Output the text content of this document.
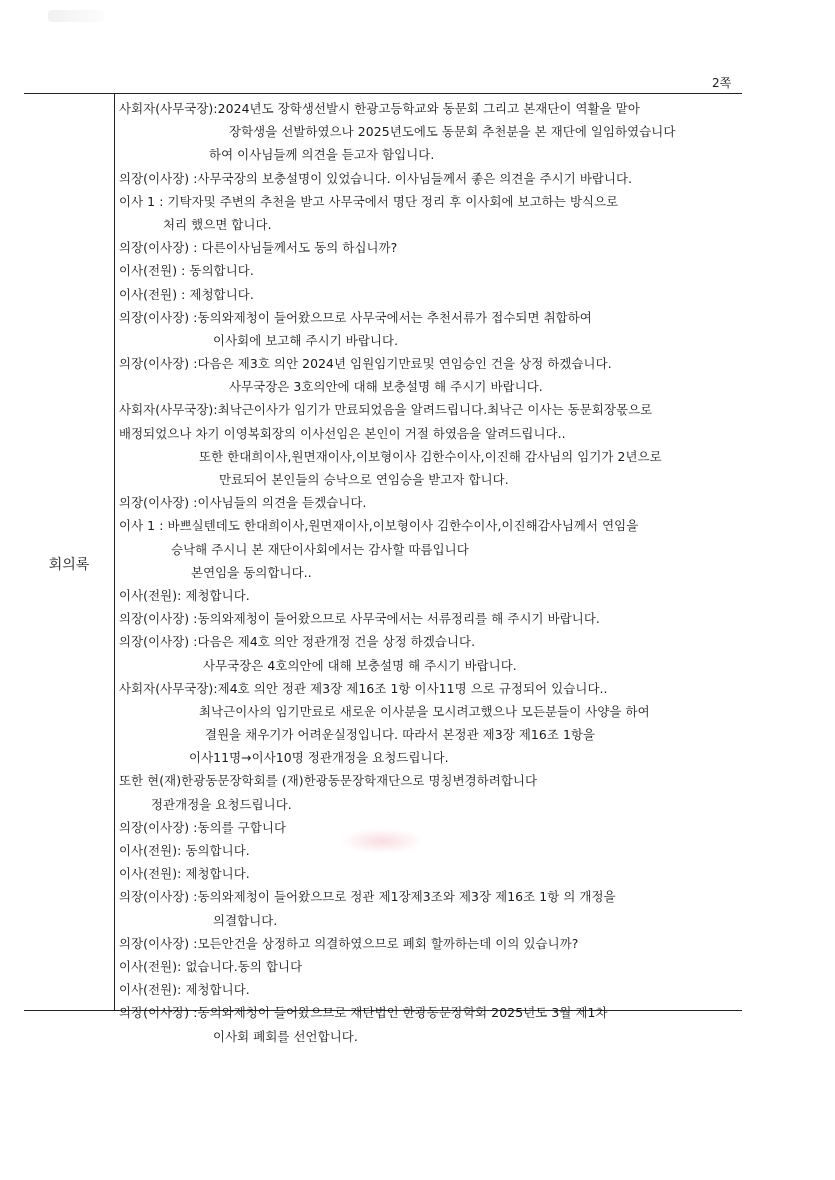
2쪽
회의록
사회자(사무국장):2024년도 장학생선발시 한광고등학교와 동문회 그리고 본재단이 역활을 맡아
장학생을 선발하였으나 2025년도에도 동문회 추천분을 본 재단에 일임하였습니다
하여 이사님들께 의견을 듣고자 함입니다.
의장(이사장) :사무국장의 보충설명이 있었습니다. 이사님들께서 좋은 의견을 주시기 바랍니다.
이사 1 : 기탁자및 주변의 추천을 받고 사무국에서 명단 정리 후 이사회에 보고하는 방식으로
처리 했으면 합니다.
의장(이사장) : 다른이사님들께서도 동의 하십니까?
이사(전원) : 동의합니다.
이사(전원) : 제청합니다.
의장(이사장) :동의와제청이 들어왔으므로 사무국에서는 추천서류가 접수되면 취합하여
이사회에 보고해 주시기 바랍니다.
의장(이사장) :다음은 제3호 의안 2024년 임원임기만료및 연임승인 건을 상정 하겠습니다.
사무국장은 3호의안에 대해 보충설명 해 주시기 바랍니다.
사회자(사무국장):최낙근이사가 임기가 만료되었음을 알려드립니다.최낙근 이사는 동문회장몫으로
배정되었으나 차기 이영복회장의 이사선임은 본인이 거절 하였음을 알려드립니다..
또한 한대희이사,원면재이사,이보형이사 김한수이사,이진해 감사님의 임기가 2년으로
만료되어 본인들의 승낙으로 연임승을 받고자 합니다.
의장(이사장) :이사님들의 의견을 듣겠습니다.
이사 1 : 바쁘실텐데도 한대희이사,원면재이사,이보형이사 김한수이사,이진해감사님께서 연임을
승낙해 주시니 본 재단이사회에서는 감사할 따름입니다
본연임을 동의합니다..
이사(전원): 제청합니다.
의장(이사장) :동의와제청이 들어왔으므로 사무국에서는 서류정리를 해 주시기 바랍니다.
의장(이사장) :다음은 제4호 의안 정관개정 건을 상정 하겠습니다.
사무국장은 4호의안에 대해 보충설명 해 주시기 바랍니다.
사회자(사무국장):제4호 의안 정관 제3장 제16조 1항 이사11명 으로 규정되어 있습니다..
최낙근이사의 임기만료로 새로운 이사분을 모시려고했으나 모든분들이 사양을 하여
결원을 채우기가 어려운실정입니다. 따라서 본정관 제3장 제16조 1항을
이사11명→이사10명 정관개정을 요청드립니다.
또한 현(재)한광동문장학회를 (재)한광동문장학재단으로 명칭변경하려합니다
정관개정을 요청드립니다.
의장(이사장) :동의를 구합니다
이사(전원): 동의합니다.
이사(전원): 제청합니다.
의장(이사장) :동의와제청이 들어왔으므로 정관 제1장제3조와 제3장 제16조 1항 의 개정을
의결합니다.
의장(이사장) :모든안건을 상정하고 의결하였으므로 폐회 할까하는데 이의 있습니까?
이사(전원): 없습니다.동의 합니다
이사(전원): 제청합니다.
의장(이사장) :동의와제청이 들어왔으므로 재단법인 한광동문장학회 2025년도 3월 제1차
이사회 폐회를 선언합니다.
